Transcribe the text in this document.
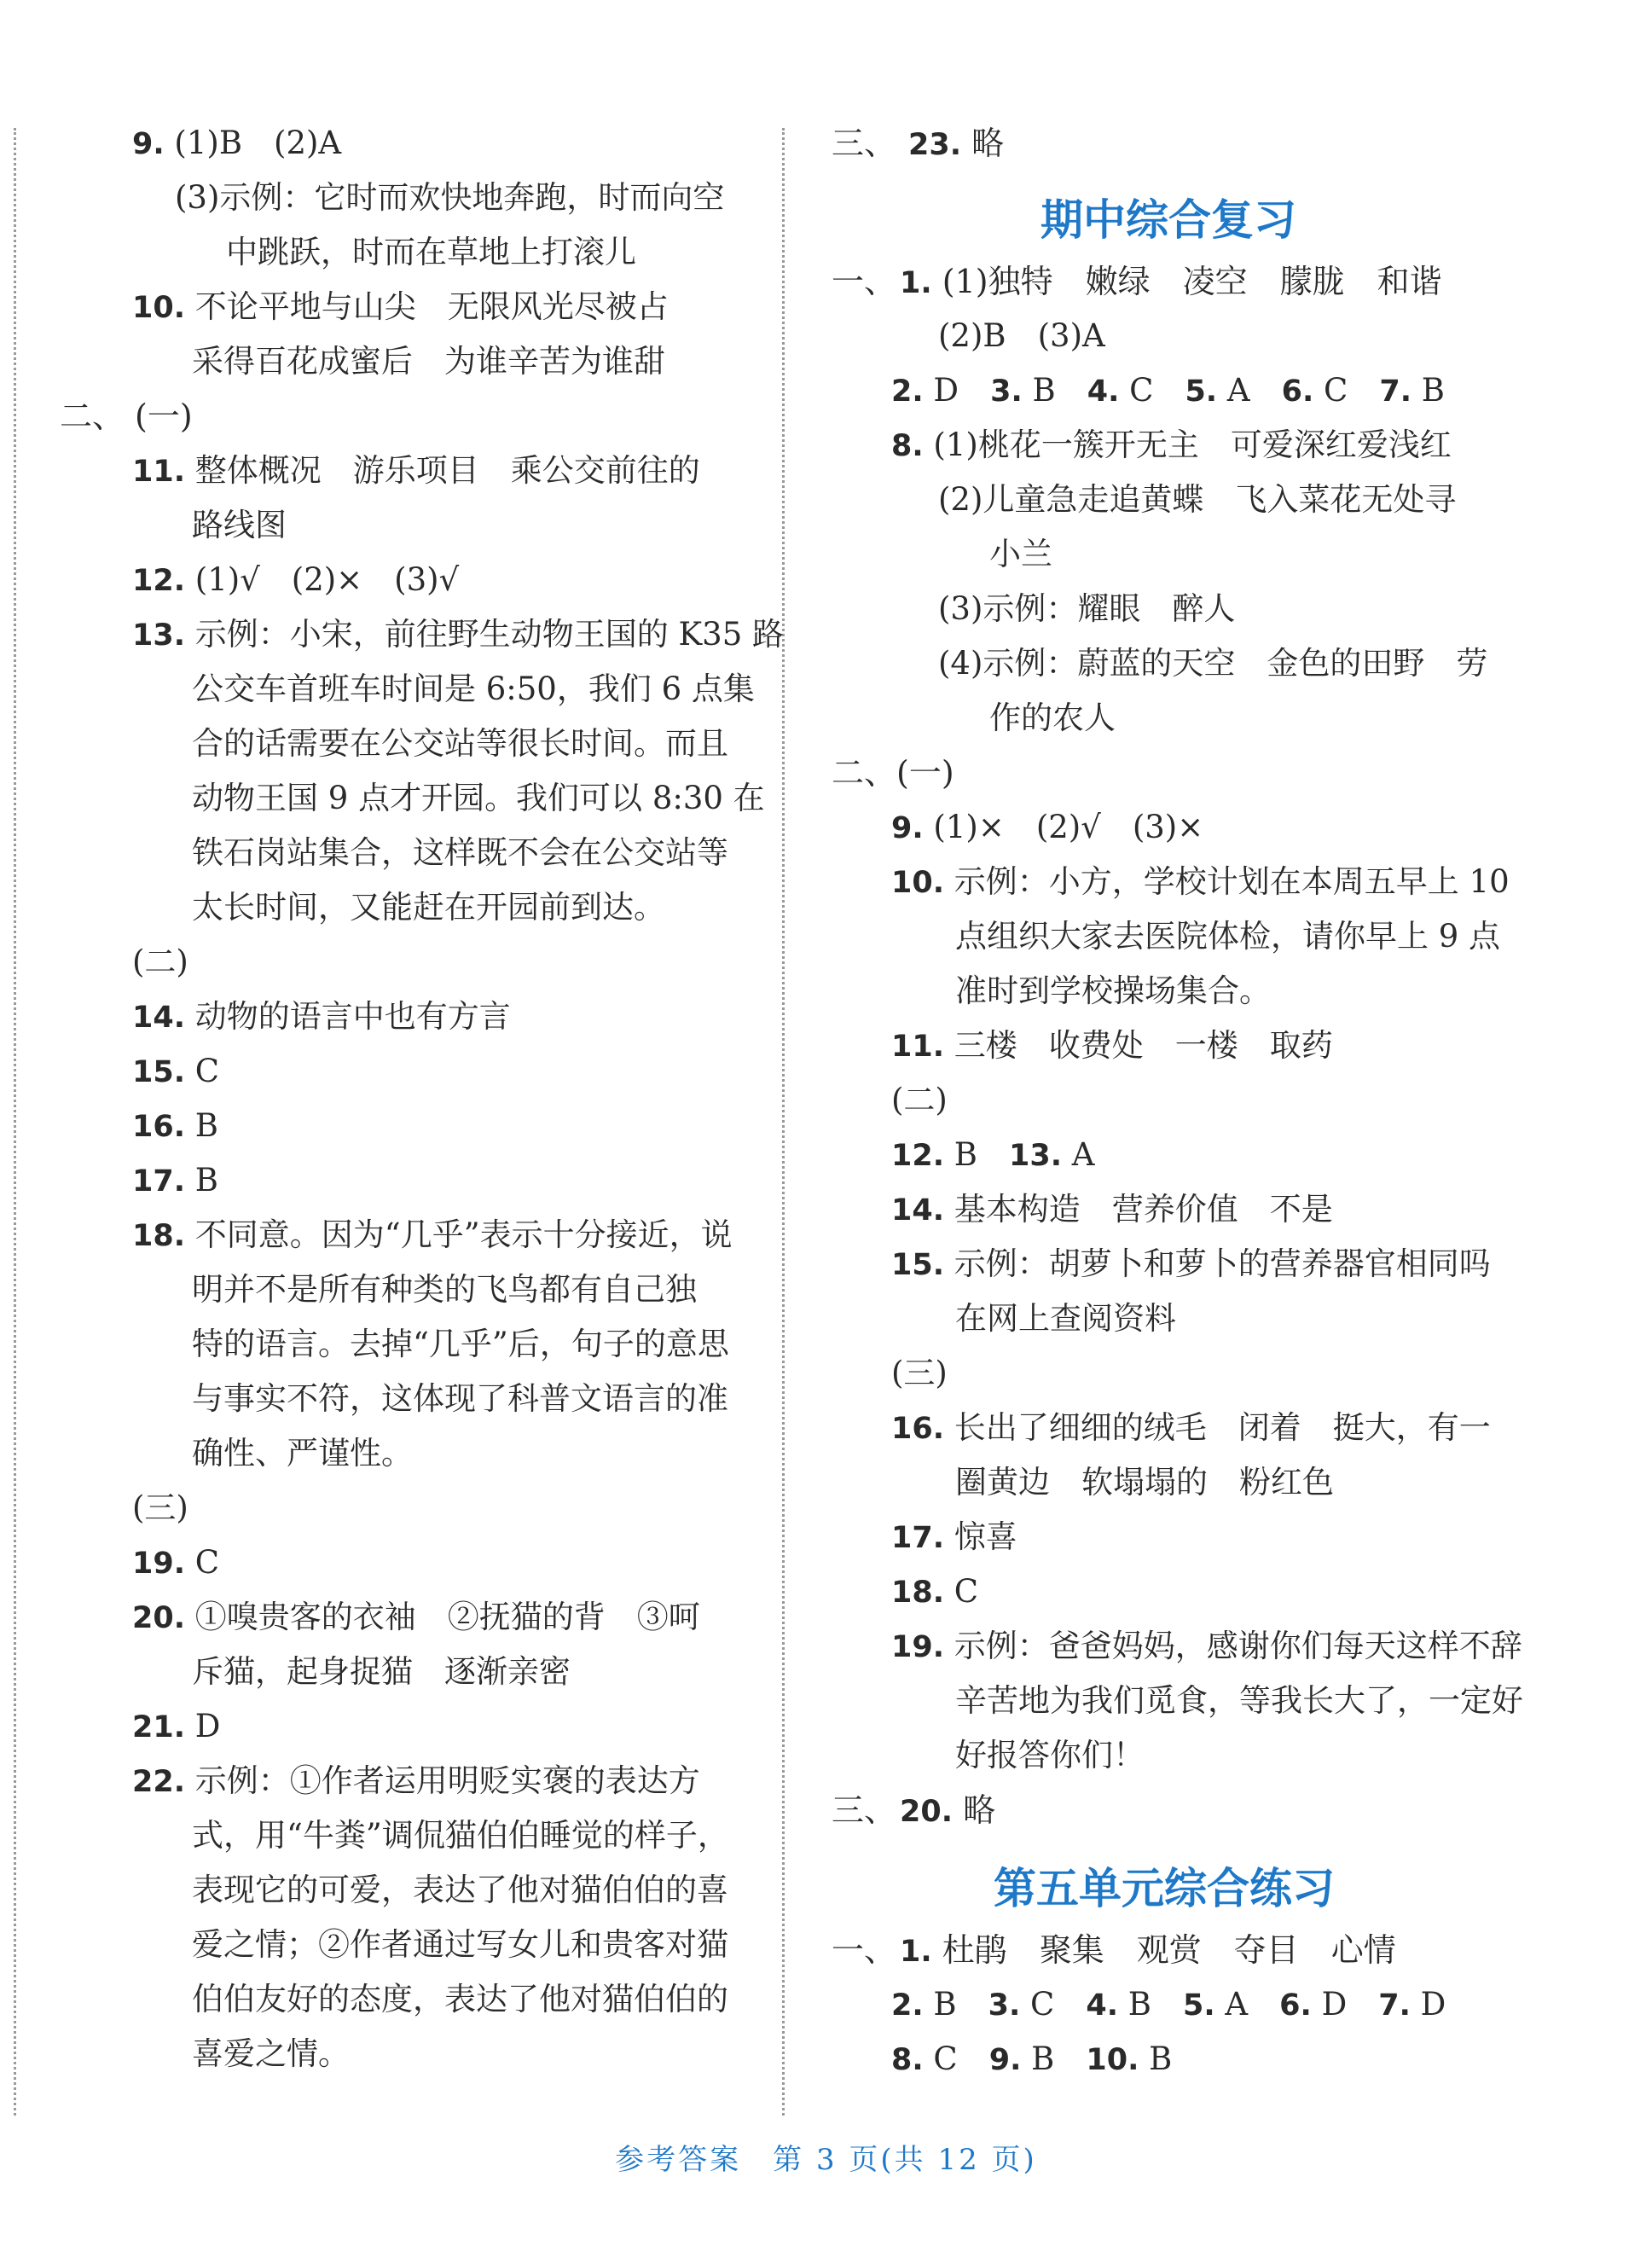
9. (1)B　(2)A
(3)示例：它时而欢快地奔跑，时而向空
中跳跃，时而在草地上打滚儿
10. 不论平地与山尖　无限风光尽被占
采得百花成蜜后　为谁辛苦为谁甜
二、 (一)
11. 整体概况　游乐项目　乘公交前往的
路线图
12. (1)√　(2)×　(3)√
13. 示例：小宋，前往野生动物王国的 K35 路
公交车首班车时间是 6:50，我们 6 点集
合的话需要在公交站等很长时间。而且
动物王国 9 点才开园。我们可以 8:30 在
铁石岗站集合，这样既不会在公交站等
太长时间，又能赶在开园前到达。
(二)
14. 动物的语言中也有方言
15. C
16. B
17. B
18. 不同意。因为“几乎”表示十分接近，说
明并不是所有种类的飞鸟都有自己独
特的语言。去掉“几乎”后，句子的意思
与事实不符，这体现了科普文语言的准
确性、严谨性。
(三)
19. C
20. ①嗅贵客的衣袖　②抚猫的背　③呵
斥猫，起身捉猫　逐渐亲密
21. D
22. 示例：①作者运用明贬实褒的表达方
式，用“牛粪”调侃猫伯伯睡觉的样子，
表现它的可爱，表达了他对猫伯伯的喜
爱之情；②作者通过写女儿和贵客对猫
伯伯友好的态度，表达了他对猫伯伯的
喜爱之情。
三、 23. 略
期中综合复习
一、 1. (1)独特　嫩绿　凌空　朦胧　和谐
(2)B　(3)A
2. D　 3. B　 4. C　 5. A　 6. C　 7. B
8. (1)桃花一簇开无主　可爱深红爱浅红
(2)儿童急走追黄蝶　飞入菜花无处寻
小兰
(3)示例：耀眼　醉人
(4)示例：蔚蓝的天空　金色的田野　劳
作的农人
二、(一)
9. (1)×　(2)√　(3)×
10. 示例：小方，学校计划在本周五早上 10
点组织大家去医院体检，请你早上 9 点
准时到学校操场集合。
11. 三楼　收费处　一楼　取药
(二)
12. B　 13. A
14. 基本构造　营养价值　不是
15. 示例：胡萝卜和萝卜的营养器官相同吗
在网上查阅资料
(三)
16. 长出了细细的绒毛　闭着　挺大，有一
圈黄边　软塌塌的　粉红色
17. 惊喜
18. C
19. 示例：爸爸妈妈，感谢你们每天这样不辞
辛苦地为我们觅食，等我长大了，一定好
好报答你们！
三、 20. 略
第五单元综合练习
一、 1. 杜鹃　聚集　观赏　夺目　心情
2. B　 3. C　 4. B　 5. A　 6. D　 7. D
8. C　 9. B　 10. B
参考答案　第 3 页(共 12 页)
